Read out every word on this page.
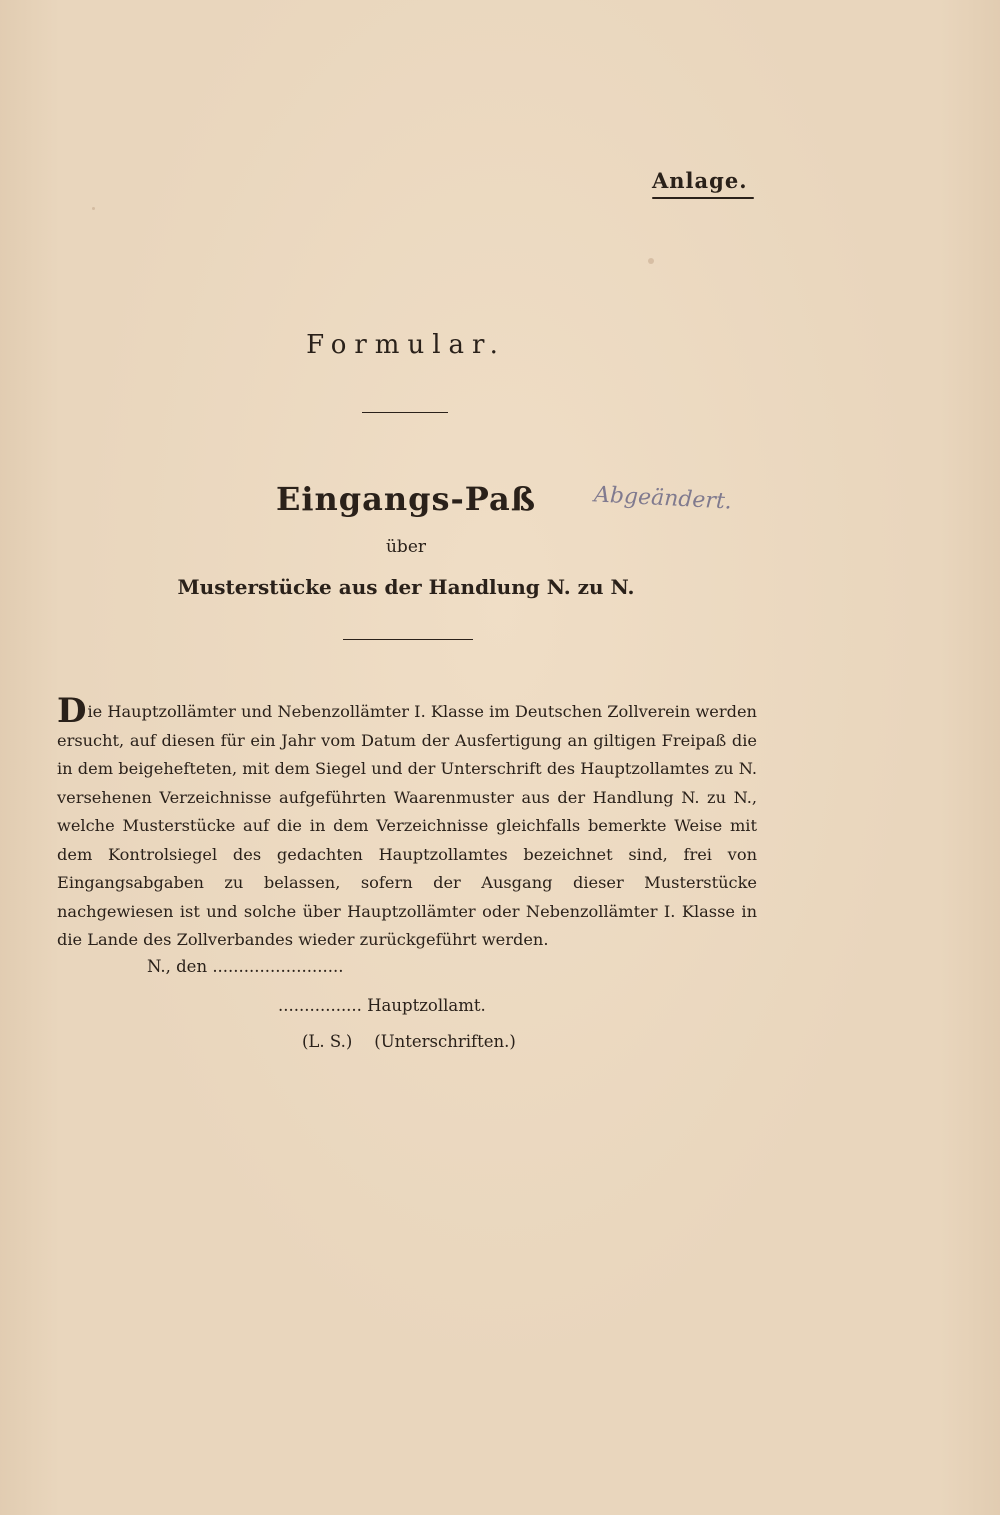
Anlage.
Formular.
Eingangs-Paß	Abgeändert.
über
Musterstücke aus der Handlung N. zu N.
Die Hauptzollämter und Nebenzollämter I. Klasse im Deutschen Zollverein werden ersucht, auf diesen für ein Jahr vom Datum der Ausfertigung an giltigen Freipaß die in dem beigehefteten, mit dem Siegel und der Unterschrift des Hauptzollamtes zu N. versehenen Verzeichnisse aufgeführten Waarenmuster aus der Handlung N. zu N., welche Musterstücke auf die in dem Verzeichnisse gleichfalls bemerkte Weise mit dem Kontrolsiegel des gedachten Hauptzollamtes bezeichnet sind, frei von Eingangsabgaben zu belassen, sofern der Ausgang dieser Musterstücke nachgewiesen ist und solche über Hauptzollämter oder Nebenzollämter I. Klasse in die Lande des Zollverbandes wieder zurückgeführt werden.
N., den .........................
................ Hauptzollamt.
(L. S.) (Unterschriften.)
